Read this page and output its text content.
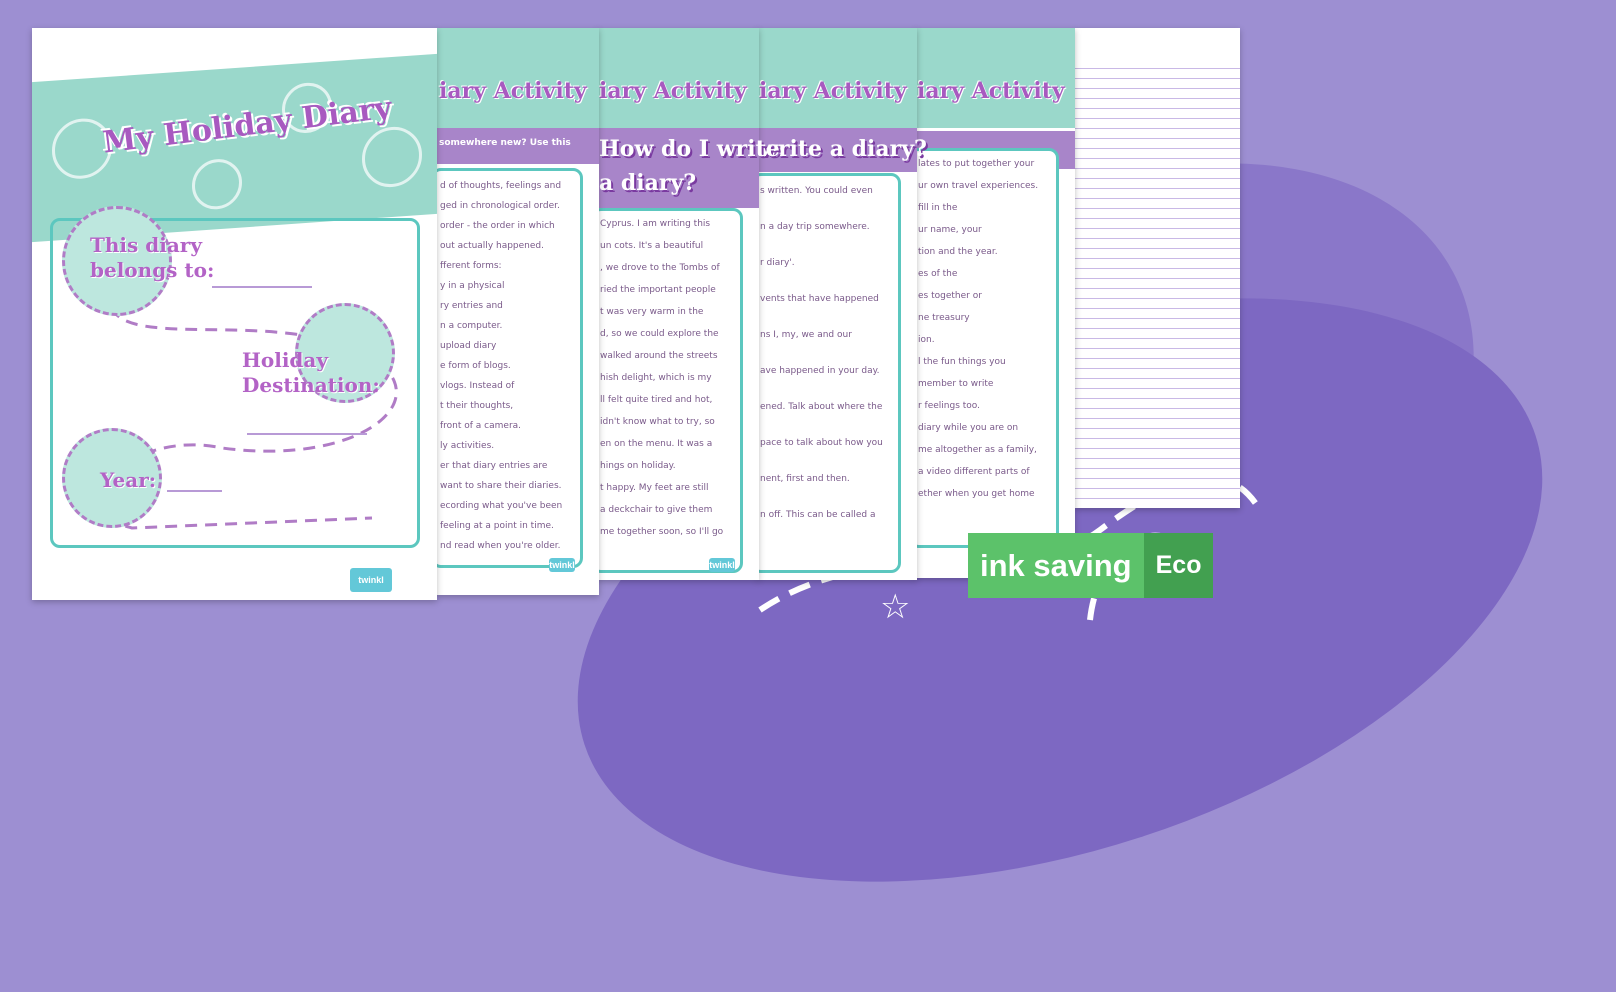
☆
iary Activity
lates to put together your
ur own travel experiences.
fill in the
ur name, your
tion and the year.
es of the
es together or
ne treasury
ion.
l the fun things you
member to write
r feelings too.
diary while you are on
me altogether as a family,
a video different parts of
ether when you get home
iary Activity
write a diary?
s written. You could even
n a day trip somewhere.
r diary'.
vents that have happened
ns I, my, we and our
ave happened in your day.
ened. Talk about where the
pace to talk about how you
nent, first and then.
n off. This can be called a
iary Activity
How do I write
a diary?
Cyprus. I am writing this
un cots. It's a beautiful
, we drove to the Tombs of
ried the important people
t was very warm in the
d, so we could explore the
walked around the streets
hish delight, which is my
ll felt quite tired and hot,
idn't know what to try, so
en on the menu. It was a
hings on holiday.
t happy. My feet are still
a deckchair to give them
me together soon, so I'll go
twinkl
iary Activity
somewhere new? Use this
d of thoughts, feelings and
ged in chronological order.
order - the order in which
out actually happened.
fferent forms:
y in a physical
ry entries and
n a computer.
upload diary
e form of blogs.
vlogs. Instead of
t their thoughts,
front of a camera.
ly activities.
er that diary entries are
want to share their diaries.
ecording what you've been
feeling at a point in time.
nd read when you're older.
twinkl
My Holiday Diary
This diary
belongs to:
Holiday
Destination:
Year:
twinkl	ink saving Eco
